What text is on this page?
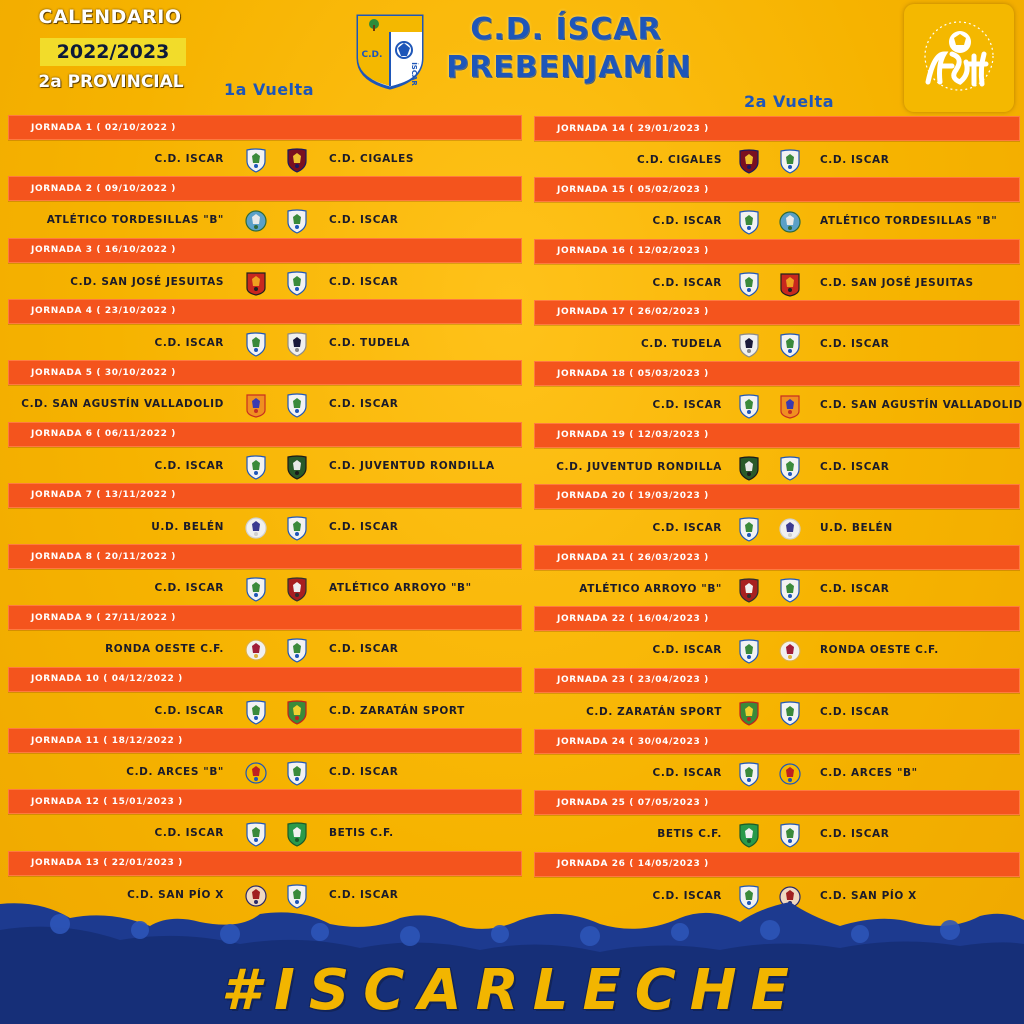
CALENDARIO
2022/2023
2a PROVINCIAL
C.D.
ÍSCAR
C.D. ÍSCAR
PREBENJAMÍN
1a Vuelta
2a Vuelta
JORNADA 1 ( 02/10/2022 )
C.D. ISCAR	C.D. CIGALES
JORNADA 2 ( 09/10/2022 )
ATLÉTICO TORDESILLAS "B"	C.D. ISCAR
JORNADA 3 ( 16/10/2022 )
C.D. SAN JOSÉ JESUITAS	C.D. ISCAR
JORNADA 4 ( 23/10/2022 )
C.D. ISCAR	C.D. TUDELA
JORNADA 5 ( 30/10/2022 )
C.D. SAN AGUSTÍN VALLADOLID	C.D. ISCAR
JORNADA 6 ( 06/11/2022 )
C.D. ISCAR	C.D. JUVENTUD RONDILLA
JORNADA 7 ( 13/11/2022 )
U.D. BELÉN	C.D. ISCAR
JORNADA 8 ( 20/11/2022 )
C.D. ISCAR	ATLÉTICO ARROYO "B"
JORNADA 9 ( 27/11/2022 )
RONDA OESTE C.F.	C.D. ISCAR
JORNADA 10 ( 04/12/2022 )
C.D. ISCAR	C.D. ZARATÁN SPORT
JORNADA 11 ( 18/12/2022 )
C.D. ARCES "B"	C.D. ISCAR
JORNADA 12 ( 15/01/2023 )
C.D. ISCAR	BETIS C.F.
JORNADA 13 ( 22/01/2023 )
C.D. SAN PÍO X	C.D. ISCAR
JORNADA 14 ( 29/01/2023 )
C.D. CIGALES	C.D. ISCAR
JORNADA 15 ( 05/02/2023 )
C.D. ISCAR	ATLÉTICO TORDESILLAS "B"
JORNADA 16 ( 12/02/2023 )
C.D. ISCAR	C.D. SAN JOSÉ JESUITAS
JORNADA 17 ( 26/02/2023 )
C.D. TUDELA	C.D. ISCAR
JORNADA 18 ( 05/03/2023 )
C.D. ISCAR	C.D. SAN AGUSTÍN VALLADOLID
JORNADA 19 ( 12/03/2023 )
C.D. JUVENTUD RONDILLA	C.D. ISCAR
JORNADA 20 ( 19/03/2023 )
C.D. ISCAR	U.D. BELÉN
JORNADA 21 ( 26/03/2023 )
ATLÉTICO ARROYO "B"	C.D. ISCAR
JORNADA 22 ( 16/04/2023 )
C.D. ISCAR	RONDA OESTE C.F.
JORNADA 23 ( 23/04/2023 )
C.D. ZARATÁN SPORT	C.D. ISCAR
JORNADA 24 ( 30/04/2023 )
C.D. ISCAR	C.D. ARCES "B"
JORNADA 25 ( 07/05/2023 )
BETIS C.F.	C.D. ISCAR
JORNADA 26 ( 14/05/2023 )
C.D. ISCAR	C.D. SAN PÍO X
#ISCARLECHE
